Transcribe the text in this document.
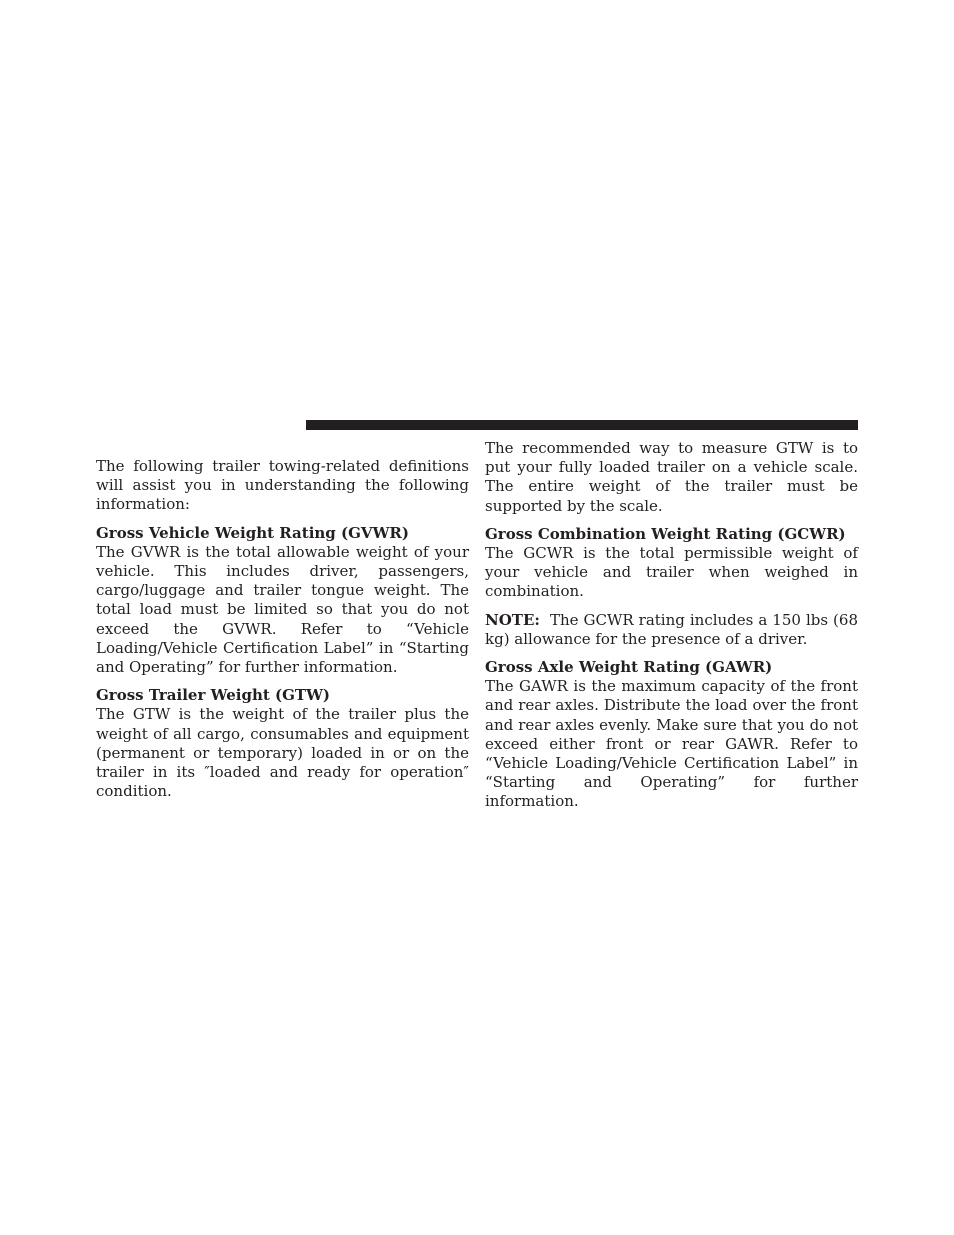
The following trailer towing-related definitions will assist you in understanding the following information:

Gross Vehicle Weight Rating (GVWR)

The GVWR is the total allowable weight of your vehicle. This includes driver, passengers, cargo/luggage and trailer tongue weight. The total load must be limited so that you do not exceed the GVWR. Refer to “Vehicle Loading/Vehicle Certification Label” in “Starting and Operating” for further information.

Gross Trailer Weight (GTW)

The GTW is the weight of the trailer plus the weight of all cargo, consumables and equipment (permanent or temporary) loaded in or on the trailer in its ″loaded and ready for operation″ condition.

The recommended way to measure GTW is to put your fully loaded trailer on a vehicle scale. The entire weight of the trailer must be supported by the scale.

Gross Combination Weight Rating (GCWR)

The GCWR is the total permissible weight of your vehicle and trailer when weighed in combination.

NOTE: The GCWR rating includes a 150 lbs (68 kg) allowance for the presence of a driver.

Gross Axle Weight Rating (GAWR)

The GAWR is the maximum capacity of the front and rear axles. Distribute the load over the front and rear axles evenly. Make sure that you do not exceed either front or rear GAWR. Refer to “Vehicle Loading/Vehicle Certification Label” in “Starting and Operating” for further information.
